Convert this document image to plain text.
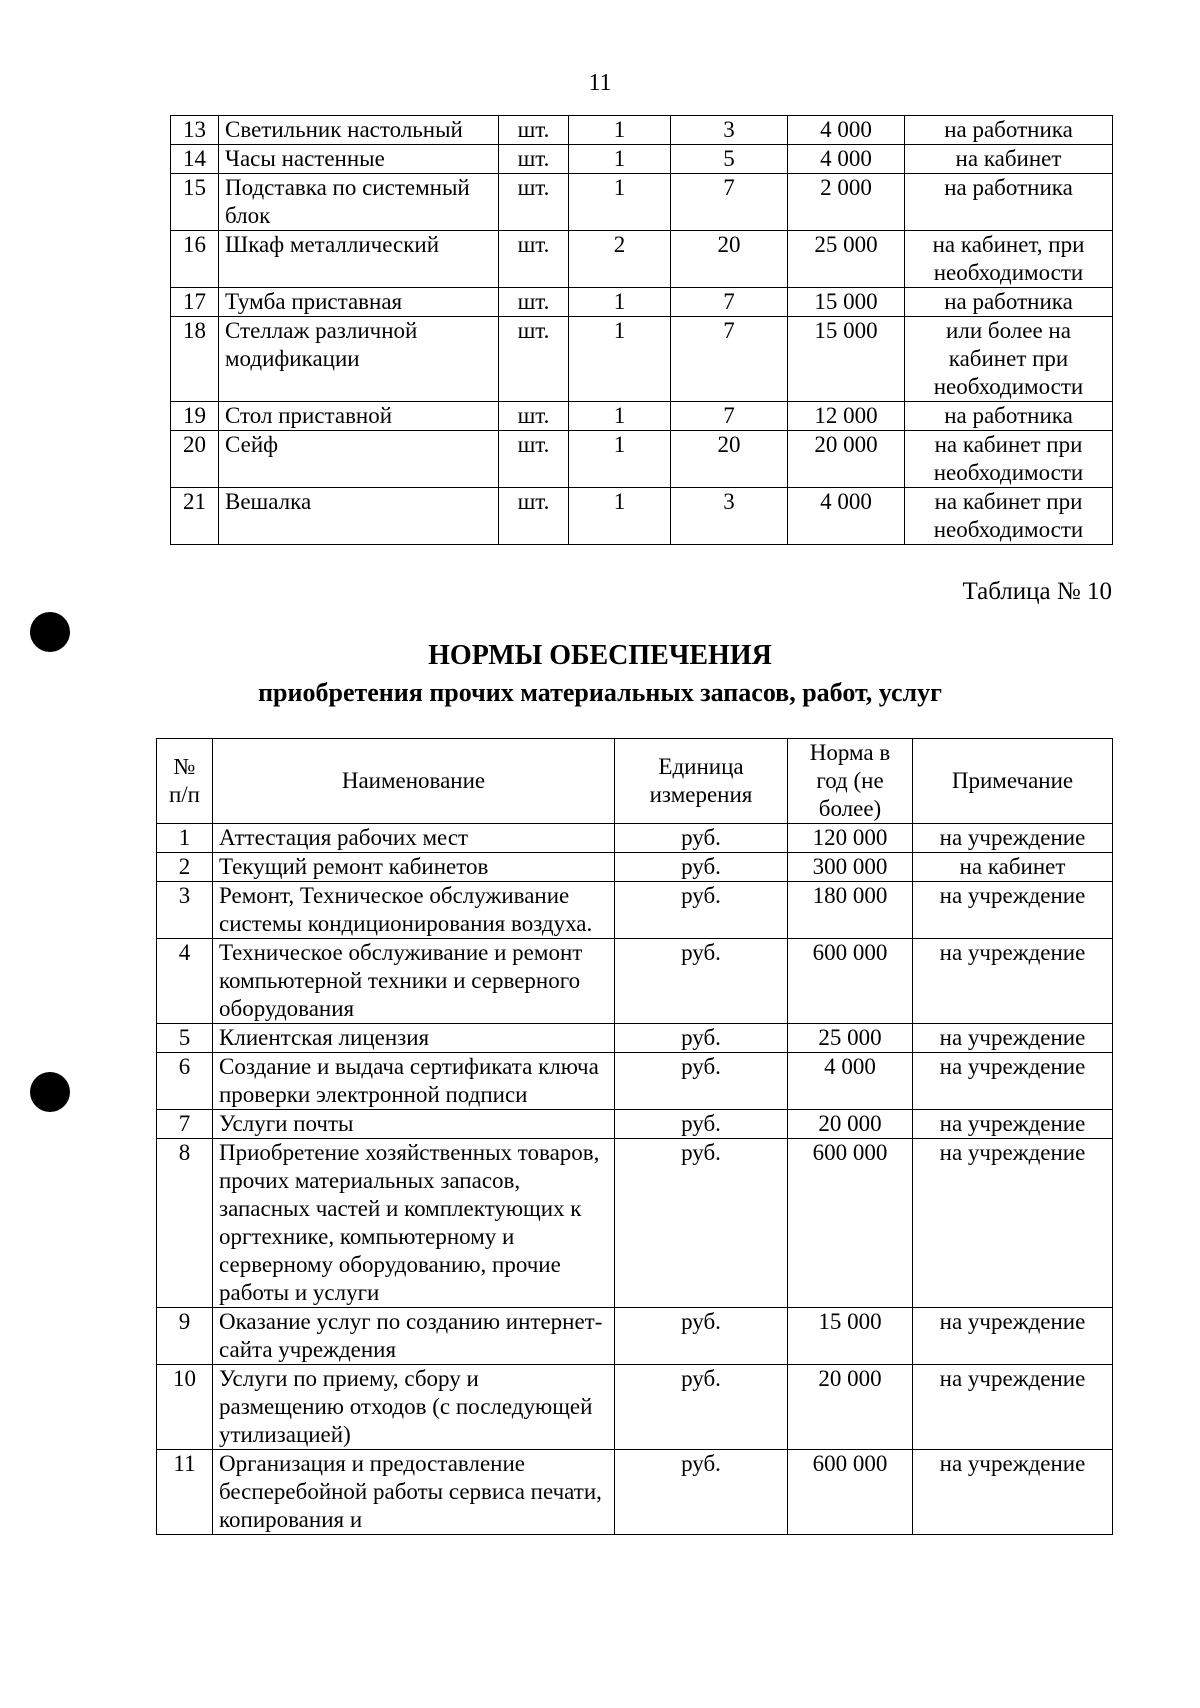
11
13	Светильник настольный	шт.	1	3	4 000	на работника
14	Часы настенные	шт.	1	5	4 000	на кабинет
15	Подставка по системный блок	шт.	1	7	2 000	на работника
16	Шкаф металлический	шт.	2	20	25 000	на кабинет, при необходимости
17	Тумба приставная	шт.	1	7	15 000	на работника
18	Стеллаж различной модификации	шт.	1	7	15 000	или более на кабинет при необходимости
19	Стол приставной	шт.	1	7	12 000	на работника
20	Сейф	шт.	1	20	20 000	на кабинет при необходимости
21	Вешалка	шт.	1	3	4 000	на кабинет при необходимости
Таблица № 10
НОРМЫ ОБЕСПЕЧЕНИЯ
приобретения прочих материальных запасов, работ, услуг
№ п/п	Наименование	Единица измерения	Норма в год (не более)	Примечание
1	Аттестация рабочих мест	руб.	120 000	на учреждение
2	Текущий ремонт кабинетов	руб.	300 000	на кабинет
3	Ремонт, Техническое обслуживание системы кондиционирования воздуха.	руб.	180 000	на учреждение
4	Техническое обслуживание и ремонт компьютерной техники и серверного оборудования	руб.	600 000	на учреждение
5	Клиентская лицензия	руб.	25 000	на учреждение
6	Создание и выдача сертификата ключа проверки электронной подписи	руб.	4 000	на учреждение
7	Услуги почты	руб.	20 000	на учреждение
8	Приобретение хозяйственных товаров, прочих материальных запасов, запасных частей и комплектующих к оргтехнике, компьютерному и серверному оборудованию, прочие работы и услуги	руб.	600 000	на учреждение
9	Оказание услуг по созданию интернет-сайта учреждения	руб.	15 000	на учреждение
10	Услуги по приему, сбору и размещению отходов (с последующей утилизацией)	руб.	20 000	на учреждение
11	Организация и предоставление бесперебойной работы сервиса печати, копирования и	руб.	600 000	на учреждение
